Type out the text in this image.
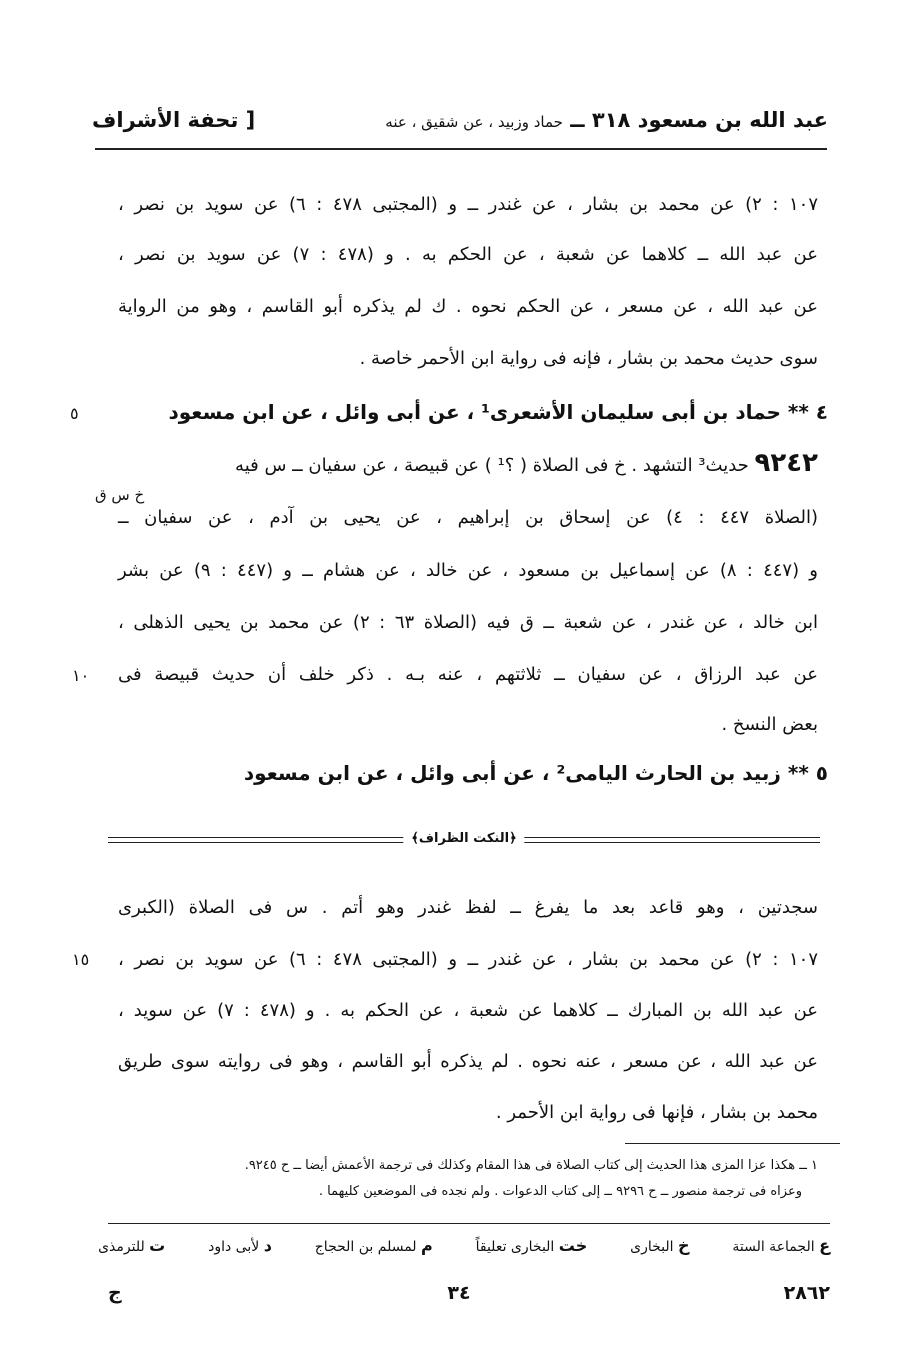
عبد الله بن مسعود ٣١٨ ــ حماد وزبيد ، عن شقيق ، عنه
[ تحفة الأشراف
١٠٧ : ٢) عن محمد بن بشار ، عن غندر ــ و (المجتبى ٤٧٨ : ٦) عن سويد بن نصر ،
عن عبد الله ــ كلاهما عن شعبة ، عن الحكم به . و (٤٧٨ : ٧) عن سويد بن نصر ،
عن عبد الله ، عن مسعر ، عن الحكم نحوه . ك لم يذكره أبو القاسم ، وهو من الرواية
سوى حديث محمد بن بشار ، فإنه فى رواية ابن الأحمر خاصة .
٤ ** حماد بن أبى سليمان الأشعرى¹ ، عن أبى وائل ، عن ابن مسعود
٥
٩٢٤٢ حديث³ التشهد . خ فى الصلاة ( ؟¹ ) عن قبيصة ، عن سفيان ــ س فيه
خ س ق
(الصلاة ٤٤٧ : ٤) عن إسحاق بن إبراهيم ، عن يحيى بن آدم ، عن سفيان ــ
و (٤٤٧ : ٨) عن إسماعيل بن مسعود ، عن خالد ، عن هشام ــ و (٤٤٧ : ٩) عن بشر
ابن خالد ، عن غندر ، عن شعبة ــ ق فيه (الصلاة ٦٣ : ٢) عن محمد بن يحيى الذهلى ،
عن عبد الرزاق ، عن سفيان ــ ثلاثتهم ، عنه بـه . ذكر خلف أن حديث قبيصة فى
١٠
بعض النسخ .
٥ ** زبيد بن الحارث اليامى² ، عن أبى وائل ، عن ابن مسعود
﴿النكت الظراف﴾
سجدتين ، وهو قاعد بعد ما يفرغ ــ لفظ غندر وهو أتم . س فى الصلاة (الكبرى
١٠٧ : ٢) عن محمد بن بشار ، عن غندر ــ و (المجتبى ٤٧٨ : ٦) عن سويد بن نصر ،
١٥
عن عبد الله بن المبارك ــ كلاهما عن شعبة ، عن الحكم به . و (٤٧٨ : ٧) عن سويد ،
عن عبد الله ، عن مسعر ، عنه نحوه . لم يذكره أبو القاسم ، وهو فى روايته سوى طريق
محمد بن بشار ، فإنها فى رواية ابن الأحمر .
١ ــ هكذا عزا المزى هذا الحديث إلى كتاب الصلاة فى هذا المقام وكذلك فى ترجمة الأعمش أيضا ــ ح ٩٢٤٥.
وعزاه فى ترجمة منصور ــ ح ٩٢٩٦ ــ إلى كتاب الدعوات . ولم نجده فى الموضعين كليهما .
ع الجماعة الستة
خ البخارى
خت البخارى تعليقاً
م لمسلم بن الحجاج
د لأبى داود
ت للترمذى
٢٨٦٢
٣٤
ج
